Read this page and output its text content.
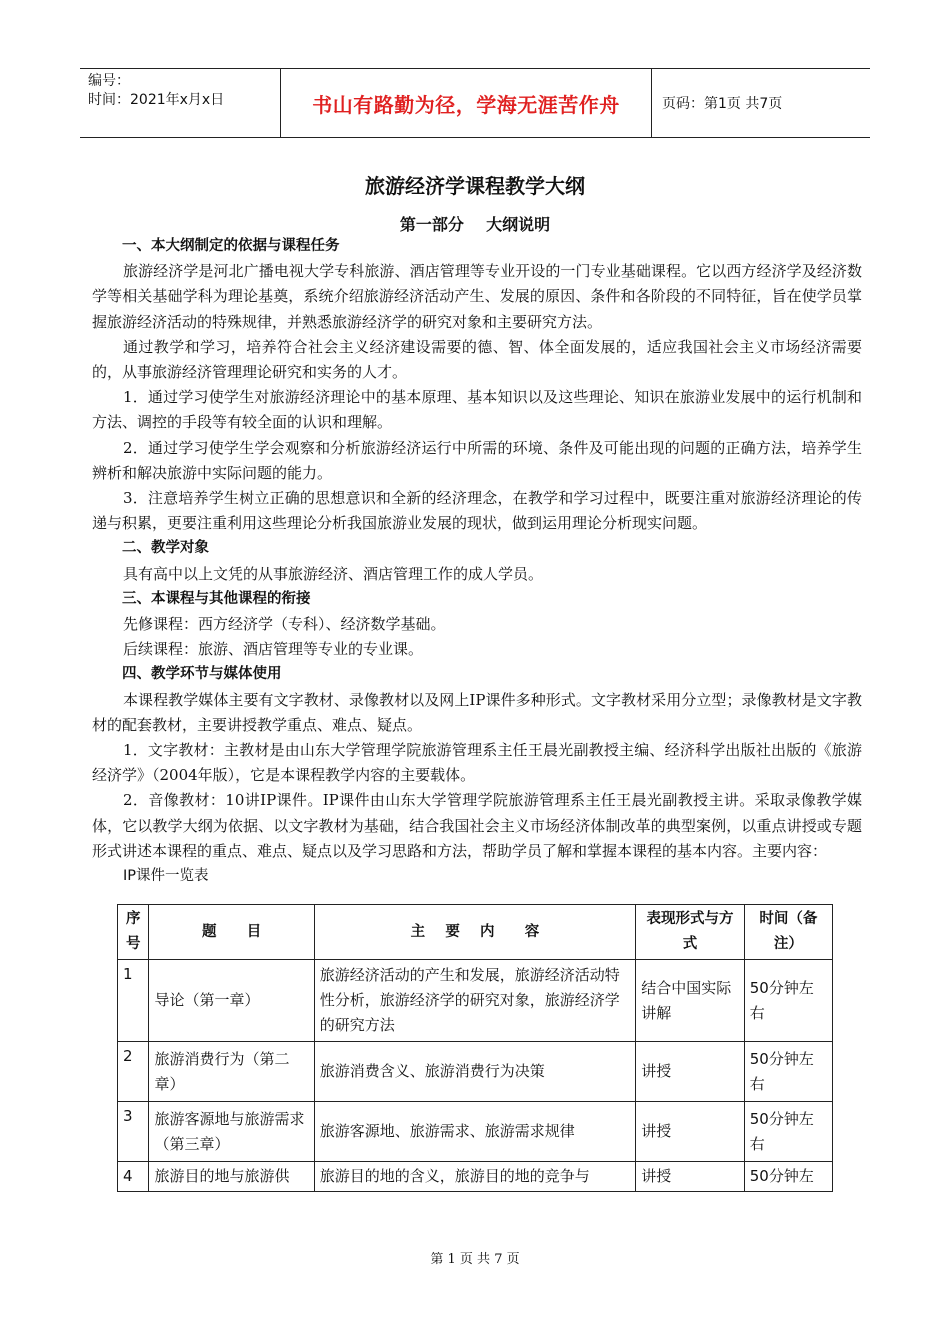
编号：
时间：2021年x月x日	书山有路勤为径，学海无涯苦作舟	页码：第1页 共7页
旅游经济学课程教学大纲
第一部分    大纲说明

一、本大纲制定的依据与课程任务

旅游经济学是河北广播电视大学专科旅游、酒店管理等专业开设的一门专业基础课程。它以西方经济学及经济数学等相关基础学科为理论基奠，系统介绍旅游经济活动产生、发展的原因、条件和各阶段的不同特征，旨在使学员掌握旅游经济活动的特殊规律，并熟悉旅游经济学的研究对象和主要研究方法。

通过教学和学习，培养符合社会主义经济建设需要的德、智、体全面发展的，适应我国社会主义市场经济需要的，从事旅游经济管理理论研究和实务的人才。

1．通过学习使学生对旅游经济理论中的基本原理、基本知识以及这些理论、知识在旅游业发展中的运行机制和方法、调控的手段等有较全面的认识和理解。

2．通过学习使学生学会观察和分析旅游经济运行中所需的环境、条件及可能出现的问题的正确方法，培养学生辨析和解决旅游中实际问题的能力。

3．注意培养学生树立正确的思想意识和全新的经济理念，在教学和学习过程中，既要注重对旅游经济理论的传递与积累，更要注重利用这些理论分析我国旅游业发展的现状，做到运用理论分析现实问题。

二、教学对象

具有高中以上文凭的从事旅游经济、酒店管理工作的成人学员。

三、本课程与其他课程的衔接

先修课程：西方经济学（专科）、经济数学基础。

后续课程：旅游、酒店管理等专业的专业课。

四、教学环节与媒体使用

本课程教学媒体主要有文字教材、录像教材以及网上IP课件多种形式。文字教材采用分立型；录像教材是文字教材的配套教材，主要讲授教学重点、难点、疑点。

1．文字教材：主教材是由山东大学管理学院旅游管理系主任王晨光副教授主编、经济科学出版社出版的《旅游经济学》（2004年版），它是本课程教学内容的主要载体。

2．音像教材：10讲IP课件。IP课件由山东大学管理学院旅游管理系主任王晨光副教授主讲。采取录像教学媒体，它以教学大纲为依据、以文字教材为基础，结合我国社会主义市场经济体制改革的典型案例，以重点讲授或专题形式讲述本课程的重点、难点、疑点以及学习思路和方法，帮助学员了解和掌握本课程的基本内容。主要内容：

IP课件一览表

序号	题      目	主    要    内      容	表现形式与方式	时间（备注）
1	导论（第一章）	旅游经济活动的产生和发展，旅游经济活动特性分析，旅游经济学的研究对象，旅游经济学的研究方法	结合中国实际讲解	50分钟左右
2	旅游消费行为（第二章）	旅游消费含义、旅游消费行为决策	讲授	50分钟左右
3	旅游客源地与旅游需求      （第三章）	旅游客源地、旅游需求、旅游需求规律	讲授	50分钟左右
4	旅游目的地与旅游供	旅游目的地的含义，旅游目的地的竞争与	讲授	50分钟左
第 1 页 共 7 页
